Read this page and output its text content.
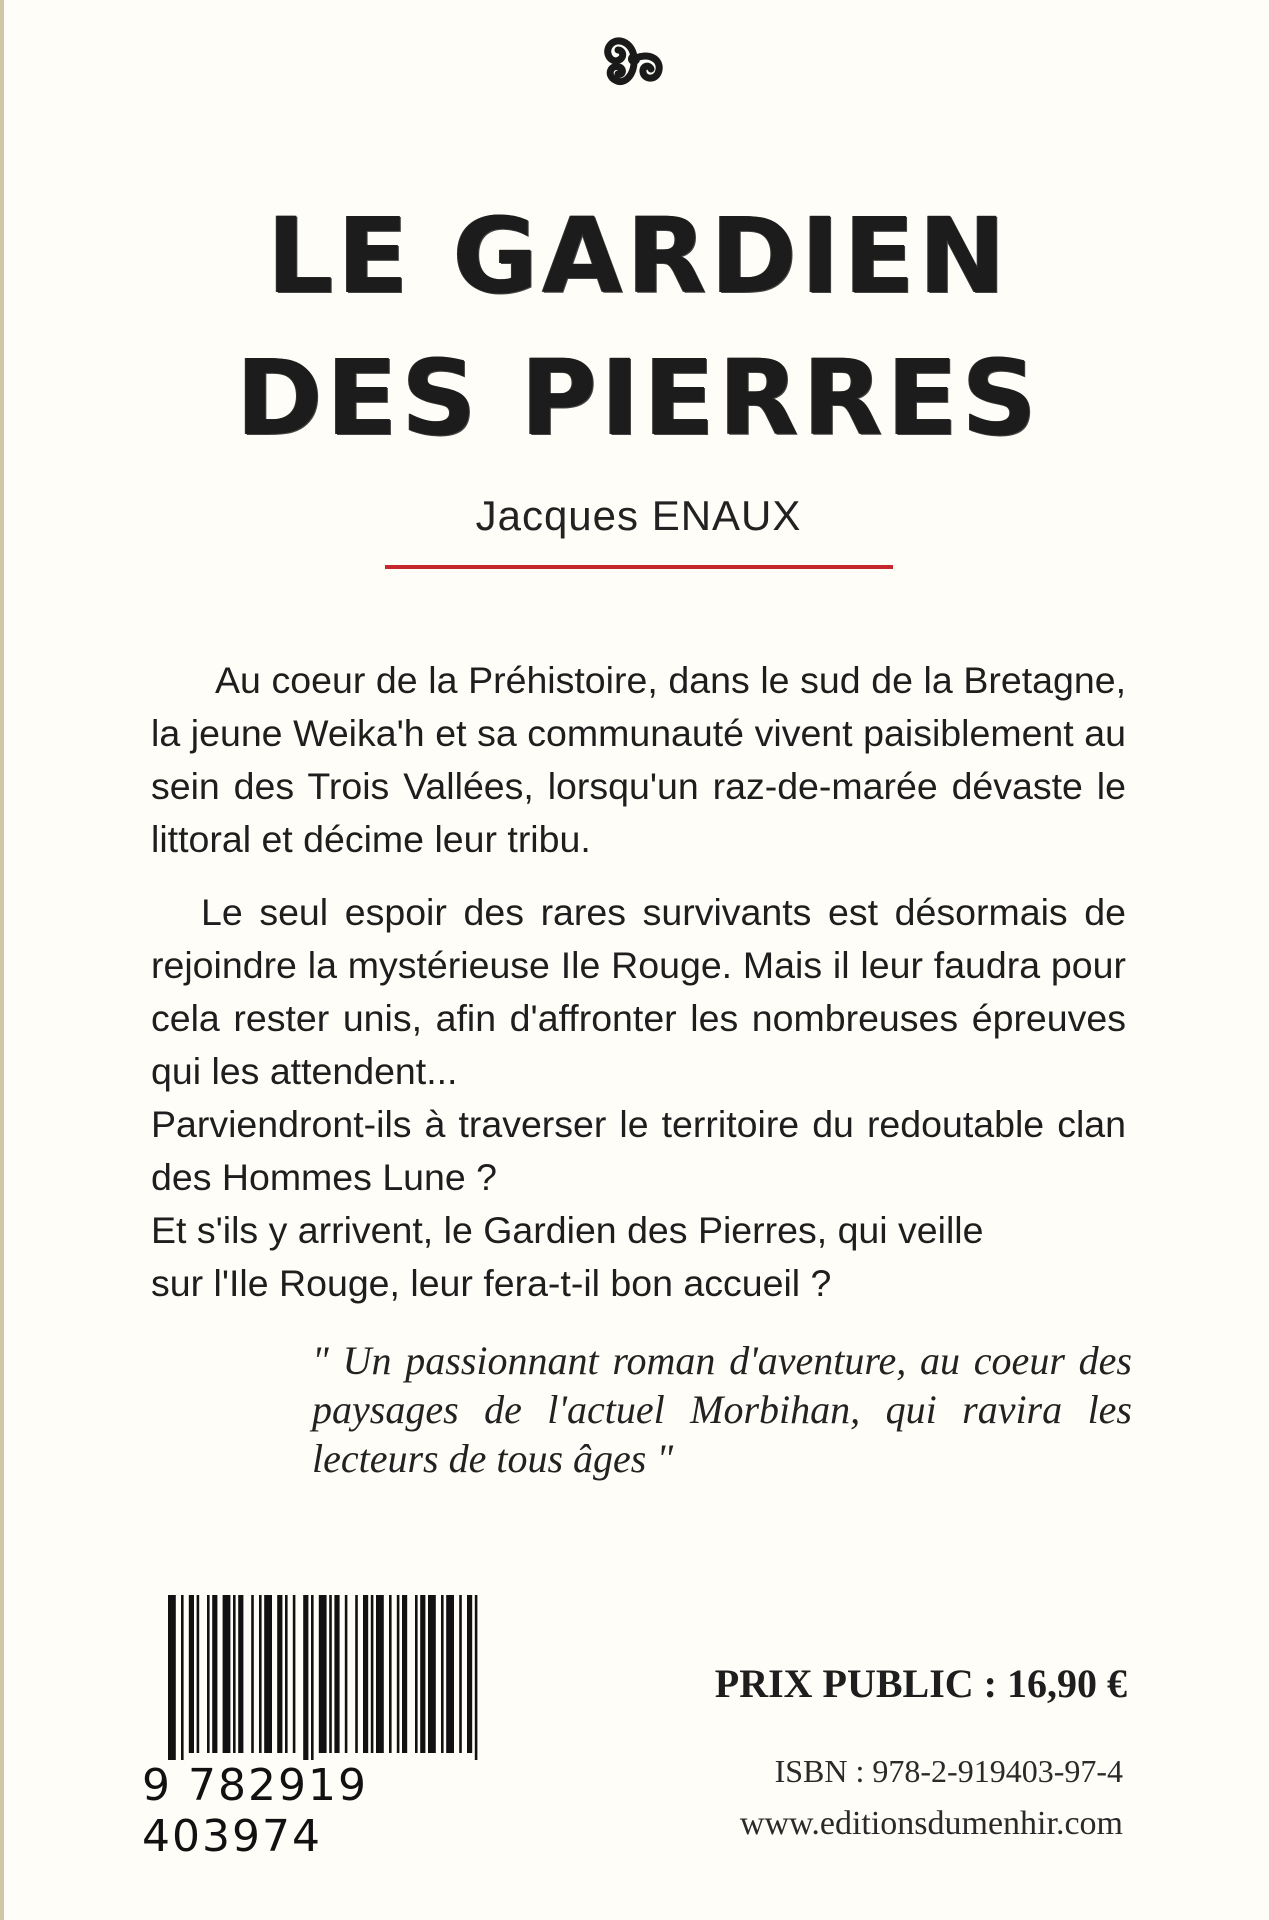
LE GARDIEN
DES PIERRES
Jacques ENAUX

Au coeur de la Préhistoire, dans le sud de la Bretagne, la jeune Weika'h et sa communauté vivent paisiblement au sein des Trois Vallées, lorsqu'un raz-de-marée dévaste le littoral et décime leur tribu.

Le seul espoir des rares survivants est désormais de rejoindre la mystérieuse Ile Rouge. Mais il leur faudra pour cela rester unis, afin d'affronter les nombreuses épreuves qui les attendent...

Parviendront-ils à traverser le territoire du redoutable clan des Hommes Lune ?

Et s'ils y arrivent, le Gardien des Pierres, qui veille
sur l'Ile Rouge, leur fera-t-il bon accueil ?

" Un passionnant roman d'aventure, au coeur des paysages de l'actuel Morbihan, qui ravira les lecteurs de tous âges "

9 782919 403974
PRIX PUBLIC : 16,90 €
ISBN : 978-2-919403-97-4
www.editionsdumenhir.com
